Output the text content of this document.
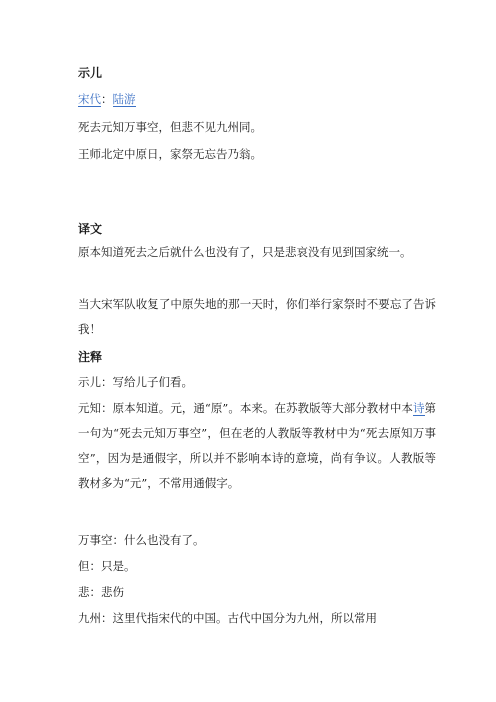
示儿
宋代：陆游
死去元知万事空，但悲不见九州同。
王师北定中原日，家祭无忘告乃翁。
译文
原本知道死去之后就什么也没有了，只是悲哀没有见到国家统一。
当大宋军队收复了中原失地的那一天时，你们举行家祭时不要忘了告诉我！
注释
示儿：写给儿子们看。
元知：原本知道。元，通“原”。本来。在苏教版等大部分教材中本诗第一句为“死去元知万事空”，但在老的人教版等教材中为“死去原知万事空”，因为是通假字，所以并不影响本诗的意境，尚有争议。人教版等教材多为“元”，不常用通假字。
万事空：什么也没有了。
但：只是。
悲：悲伤
九州：这里代指宋代的中国。古代中国分为九州，所以常用
